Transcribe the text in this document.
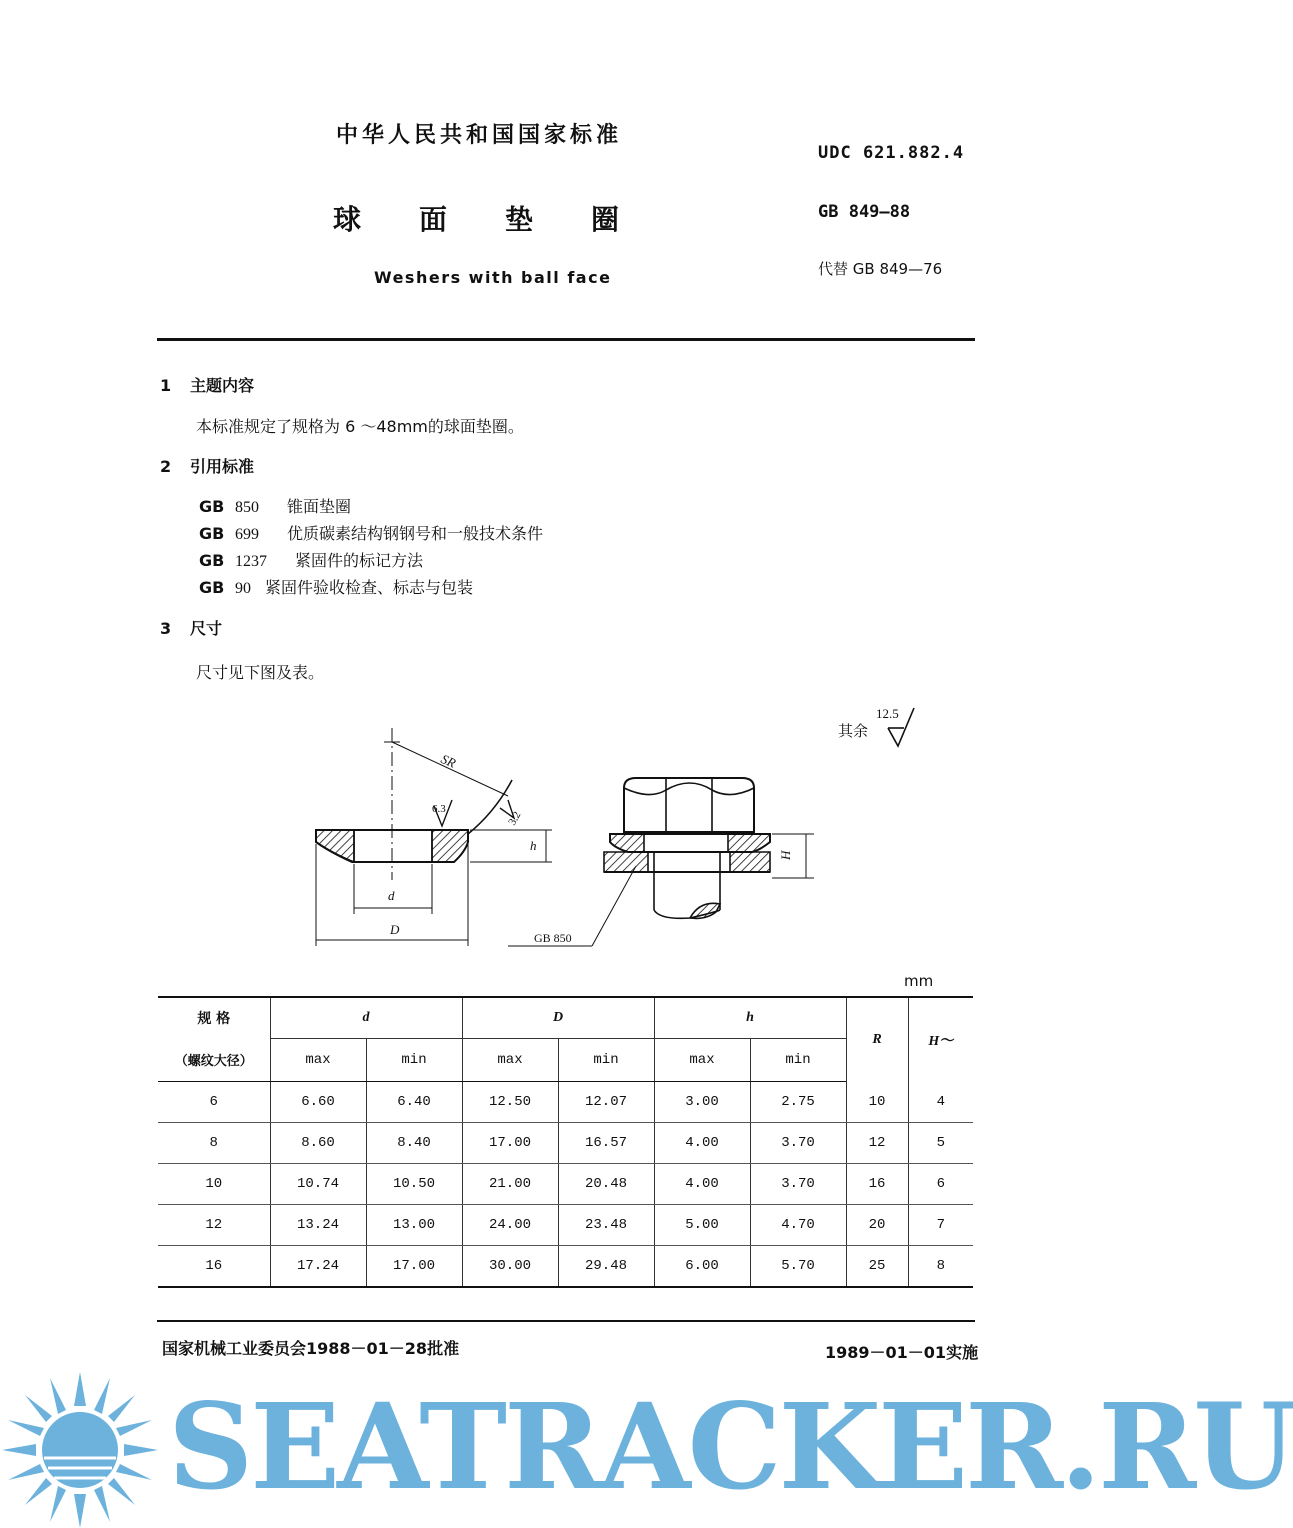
中华人民共和国国家标准
UDC 621.882.4
球面垫圈	GB 849—88
Weshers with ball face	代替 GB 849—76
1 主题内容
本标准规定了规格为 6 ～48mm的球面垫圈。
2 引用标准
GB 850 锥面垫圈
GB 699 优质碳素结构钢钢号和一般技术条件
GB 1237 紧固件的标记方法
GB 90 紧固件验收检查、标志与包装
3 尺寸
尺寸见下图及表。
SR
6.3
3.2
h
d
D
H
GB 850
12.5
其余
mm
规 格	d		D		h		R	H～
（螺纹大径）	max	min	max	min	max	min		
6	6.60	6.40	12.50	12.07	3.00	2.75	10	4
8	8.60	8.40	17.00	16.57	4.00	3.70	12	5
10	10.74	10.50	21.00	20.48	4.00	3.70	16	6
12	13.24	13.00	24.00	23.48	5.00	4.70	20	7
16	17.24	17.00	30.00	29.48	6.00	5.70	25	8
国家机械工业委员会1988－01－28批准	1989－01－01实施
SEATRACKER.RU
